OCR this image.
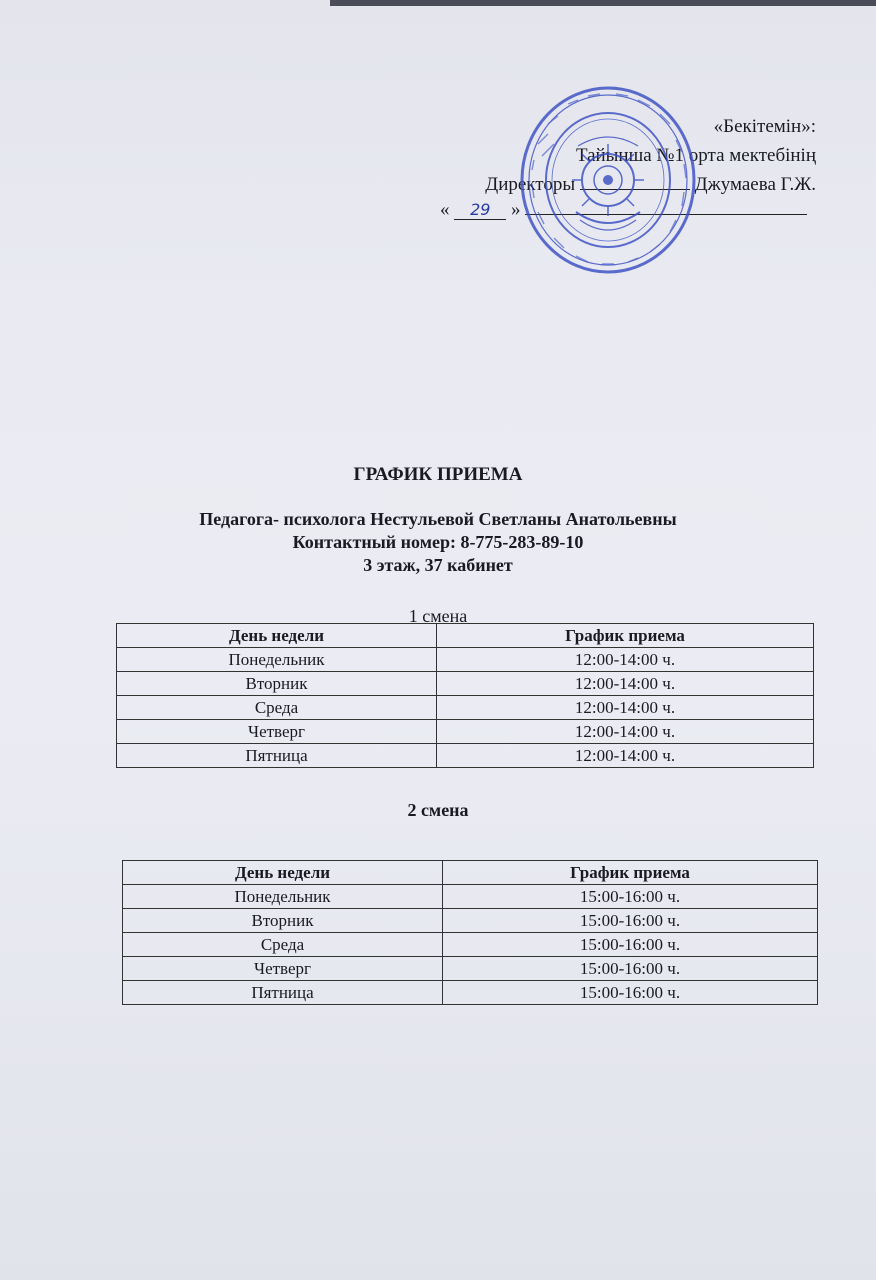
«Бекітемін»:
Тайынша №1 орта мектебінің
Директоры	Джумаева Г.Ж.
« 29 »
ГРАФИК ПРИЕМА
Педагога- психолога Нестульевой Светланы Анатольевны
Контактный номер: 8-775-283-89-10
3 этаж, 37 кабинет
1 смена
День недели	График приема
Понедельник	12:00-14:00 ч.
Вторник	12:00-14:00 ч.
Среда	12:00-14:00 ч.
Четверг	12:00-14:00 ч.
Пятница	12:00-14:00 ч.
2 смена
День недели	График приема
Понедельник	15:00-16:00 ч.
Вторник	15:00-16:00 ч.
Среда	15:00-16:00 ч.
Четверг	15:00-16:00 ч.
Пятница	15:00-16:00 ч.
